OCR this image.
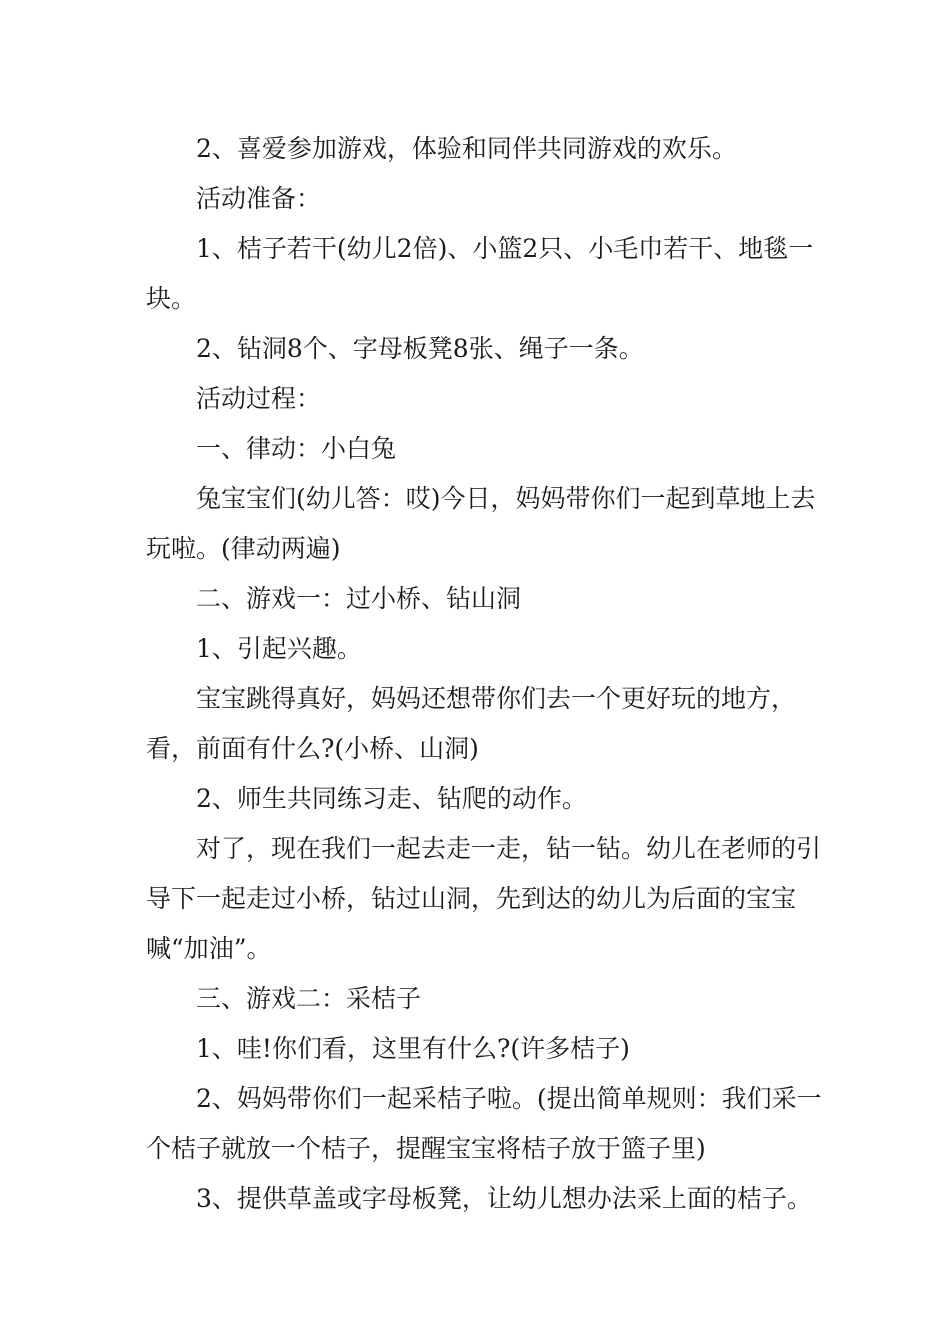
2、喜爱参加游戏，体验和同伴共同游戏的欢乐。

活动准备：

1、桔子若干(幼儿2倍)、小篮2只、小毛巾若干、地毯一块。

2、钻洞8个、字母板凳8张、绳子一条。

活动过程：

一、律动：小白兔

兔宝宝们(幼儿答：哎)今日，妈妈带你们一起到草地上去玩啦。(律动两遍)

二、游戏一：过小桥、钻山洞

1、引起兴趣。

宝宝跳得真好，妈妈还想带你们去一个更好玩的地方，看，前面有什么?(小桥、山洞)

2、师生共同练习走、钻爬的动作。

对了，现在我们一起去走一走，钻一钻。幼儿在老师的引导下一起走过小桥，钻过山洞，先到达的幼儿为后面的宝宝喊“加油”。

三、游戏二：采桔子

1、哇!你们看，这里有什么?(许多桔子)

2、妈妈带你们一起采桔子啦。(提出简单规则：我们采一个桔子就放一个桔子，提醒宝宝将桔子放于篮子里)

3、提供草盖或字母板凳，让幼儿想办法采上面的桔子。
